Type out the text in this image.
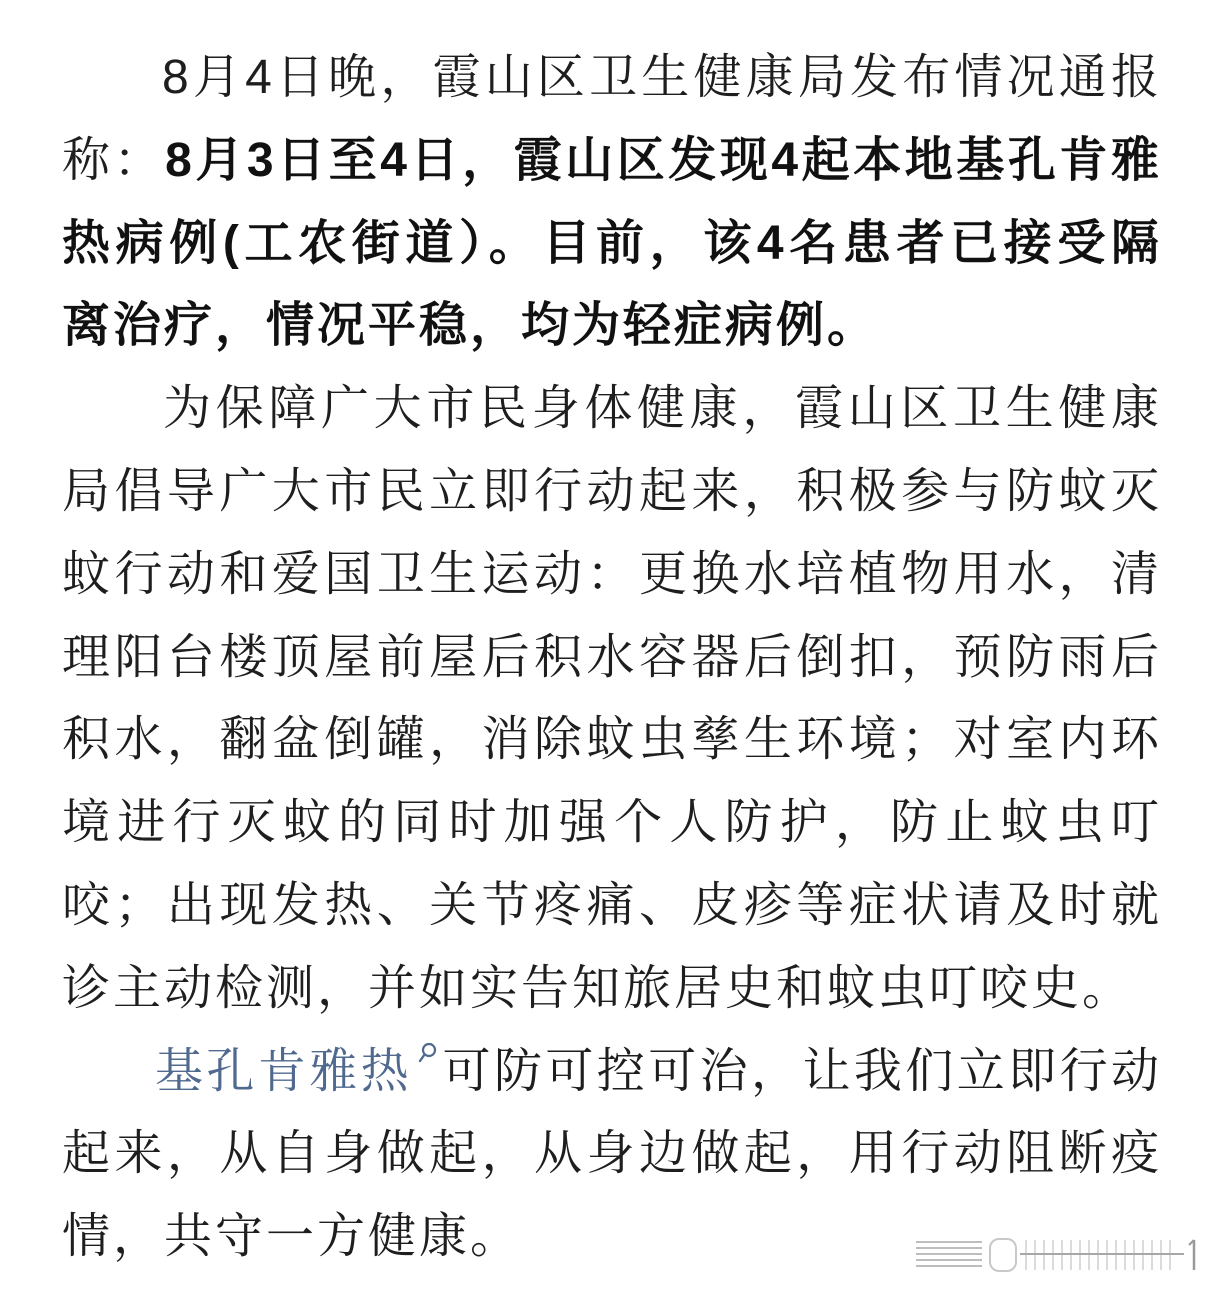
8月4日晚，霞山区卫生健康局发布情况通报
称：8月3日至4日，霞山区发现4起本地基孔肯雅
热病例(工农街道）。目前，该4名患者已接受隔
离治疗，情况平稳，均为轻症病例。
为保障广大市民身体健康，霞山区卫生健康
局倡导广大市民立即行动起来，积极参与防蚊灭
蚊行动和爱国卫生运动：更换水培植物用水，清
理阳台楼顶屋前屋后积水容器后倒扣，预防雨后
积水，翻盆倒罐，消除蚊虫孳生环境；对室内环
境进行灭蚊的同时加强个人防护，防止蚊虫叮
咬；出现发热、关节疼痛、皮疹等症状请及时就
诊主动检测，并如实告知旅居史和蚊虫叮咬史。
基孔肯雅热 可防可控可治，让我们立即行动
起来，从自身做起，从身边做起，用行动阻断疫
情，共守一方健康。
